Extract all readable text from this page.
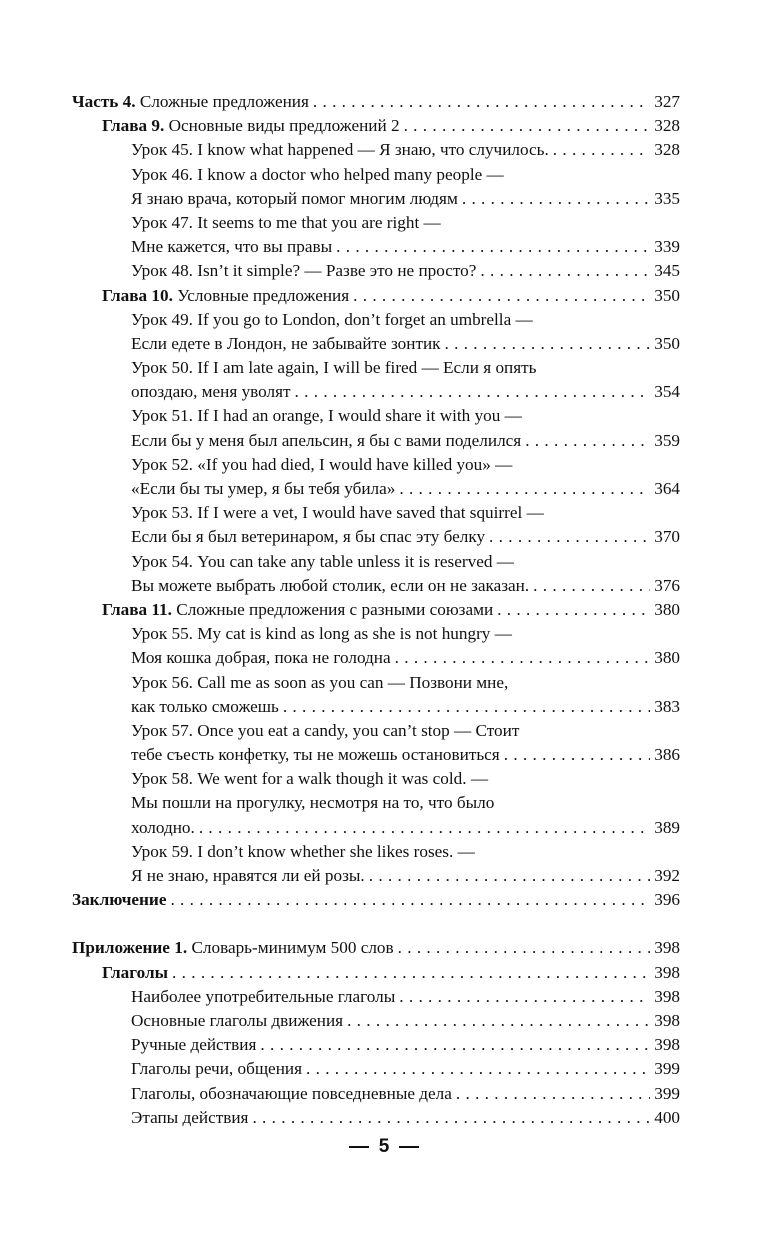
Часть 4. Сложные предложения . . .	327
Глава 9. Основные виды предложений 2 . . .	328
Урок 45. I know what happened — Я знаю, что случилось. . . .	328
Урок 46. I know a doctor who helped many people —
Я знаю врача, который помог многим людям . . .	335
Урок 47. It seems to me that you are right —
Мне кажется, что вы правы . . .	339
Урок 48. Isn’t it simple? — Разве это не просто? . . .	345
Глава 10. Условные предложения . . .	350
Урок 49. If you go to London, don’t forget an umbrella —
Если едете в Лондон, не забывайте зонтик . . .	350
Урок 50. If I am late again, I will be fired — Если я опять
опоздаю, меня уволят . . .	354
Урок 51. If I had an orange, I would share it with you —
Если бы у меня был апельсин, я бы с вами поделился . . .	359
Урок 52. «If you had died, I would have killed you» —
«Если бы ты умер, я бы тебя убила» . . .	364
Урок 53. If I were a vet, I would have saved that squirrel —
Если бы я был ветеринаром, я бы спас эту белку . . .	370
Урок 54. You can take any table unless it is reserved —
Вы можете выбрать любой столик, если он не заказан. . . .	376
Глава 11. Сложные предложения с разными союзами . . .	380
Урок 55. My cat is kind as long as she is not hungry —
Моя кошка добрая, пока не голодна . . .	380
Урок 56. Call me as soon as you can — Позвони мне,
как только сможешь . . .	383
Урок 57. Once you eat a candy, you can’t stop — Стоит
тебе съесть конфетку, ты не можешь остановиться . . .	386
Урок 58. We went for a walk though it was cold. —
Мы пошли на прогулку, несмотря на то, что было
холодно. . . .	389
Урок 59. I don’t know whether she likes roses. —
Я не знаю, нравятся ли ей розы. . . .	392
Заключение . . .	396
Приложение 1. Словарь-минимум 500 слов . . .	398
Глаголы . . .	398
Наиболее употребительные глаголы . . .	398
Основные глаголы движения . . .	398
Ручные действия . . .	398
Глаголы речи, общения . . .	399
Глаголы, обозначающие повседневные дела . . .	399
Этапы действия . . .	400
5
